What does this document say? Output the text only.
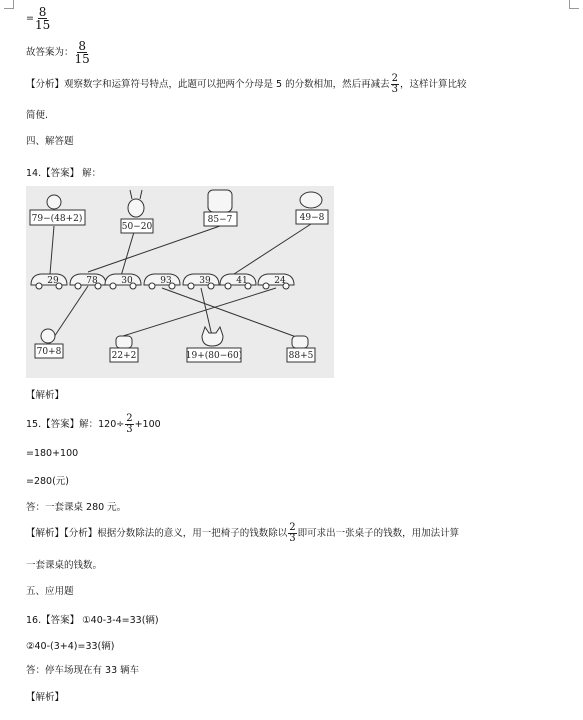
= $\frac{8}{15}$
故答案为： $\frac{8}{15}$
【分析】观察数字和运算符号特点，此题可以把两个分母是 5 的分数相加，然后再减去 $\frac{2}{3}$ ，这样计算比较
简便.
四、解答题
14.【答案】 解：
79−(48+2)
50−20
85−7	49−8
29	78	30	93	39	41	24
70+8	22+2	19+(80−60)	88+5
【解析】
15.【答案】解：$120\div \frac{2}{3} +100$
=180+100
=280(元)
答：一套课桌 280 元。
【解析】【分析】根据分数除法的意义，用一把椅子的钱数除以 $\frac{2}{3}$ 即可求出一张桌子的钱数，用加法计算
一套课桌的钱数。
五、应用题
16.【答案】 ①40-3-4=33(辆)
②40-(3+4)=33(辆)
答：停车场现在有 33 辆车
【解析】
